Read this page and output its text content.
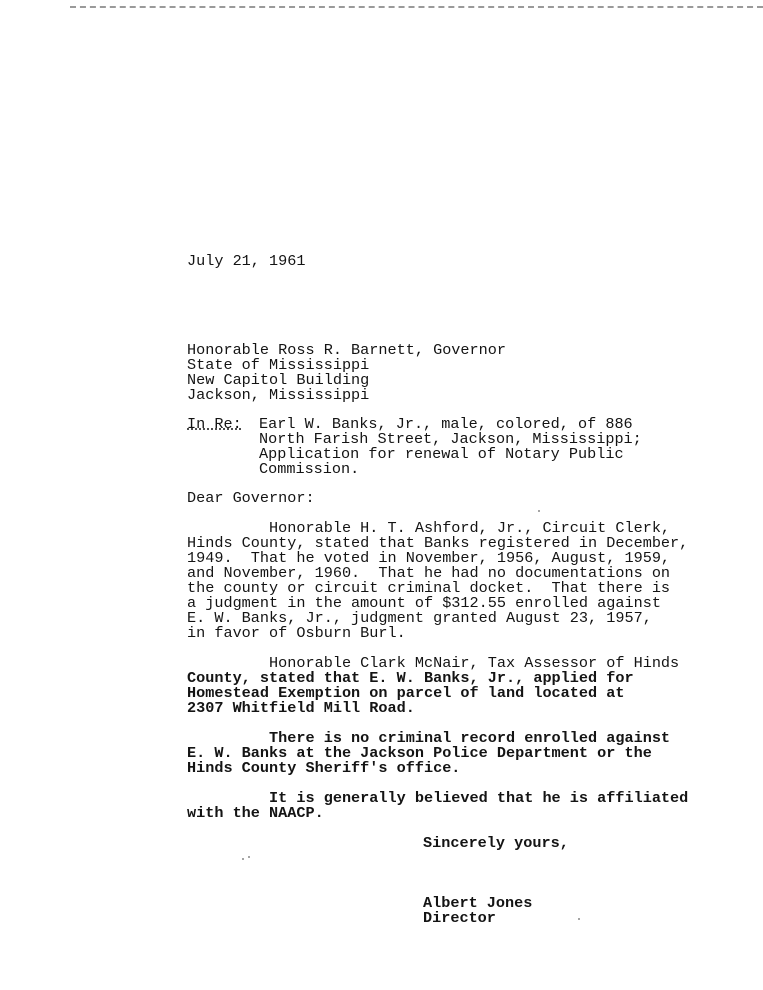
July 21, 1961
Honorable Ross R. Barnett, Governor
State of Mississippi
New Capitol Building
Jackson, Mississippi
In Re: Earl W. Banks, Jr., male, colored, of 886
North Farish Street, Jackson, Mississippi;
Application for renewal of Notary Public
Commission.
Dear Governor:
Honorable H. T. Ashford, Jr., Circuit Clerk,
Hinds County, stated that Banks registered in December,
1949.  That he voted in November, 1956, August, 1959,
and November, 1960.  That he had no documentations on
the county or circuit criminal docket.  That there is
a judgment in the amount of $312.55 enrolled against
E. W. Banks, Jr., judgment granted August 23, 1957,
in favor of Osburn Burl.
Honorable Clark McNair, Tax Assessor of Hinds
County, stated that E. W. Banks, Jr., applied for
Homestead Exemption on parcel of land located at
2307 Whitfield Mill Road.
There is no criminal record enrolled against
E. W. Banks at the Jackson Police Department or the
Hinds County Sheriff's office.
It is generally believed that he is affiliated
with the NAACP.
Sincerely yours,
Albert Jones
Director
